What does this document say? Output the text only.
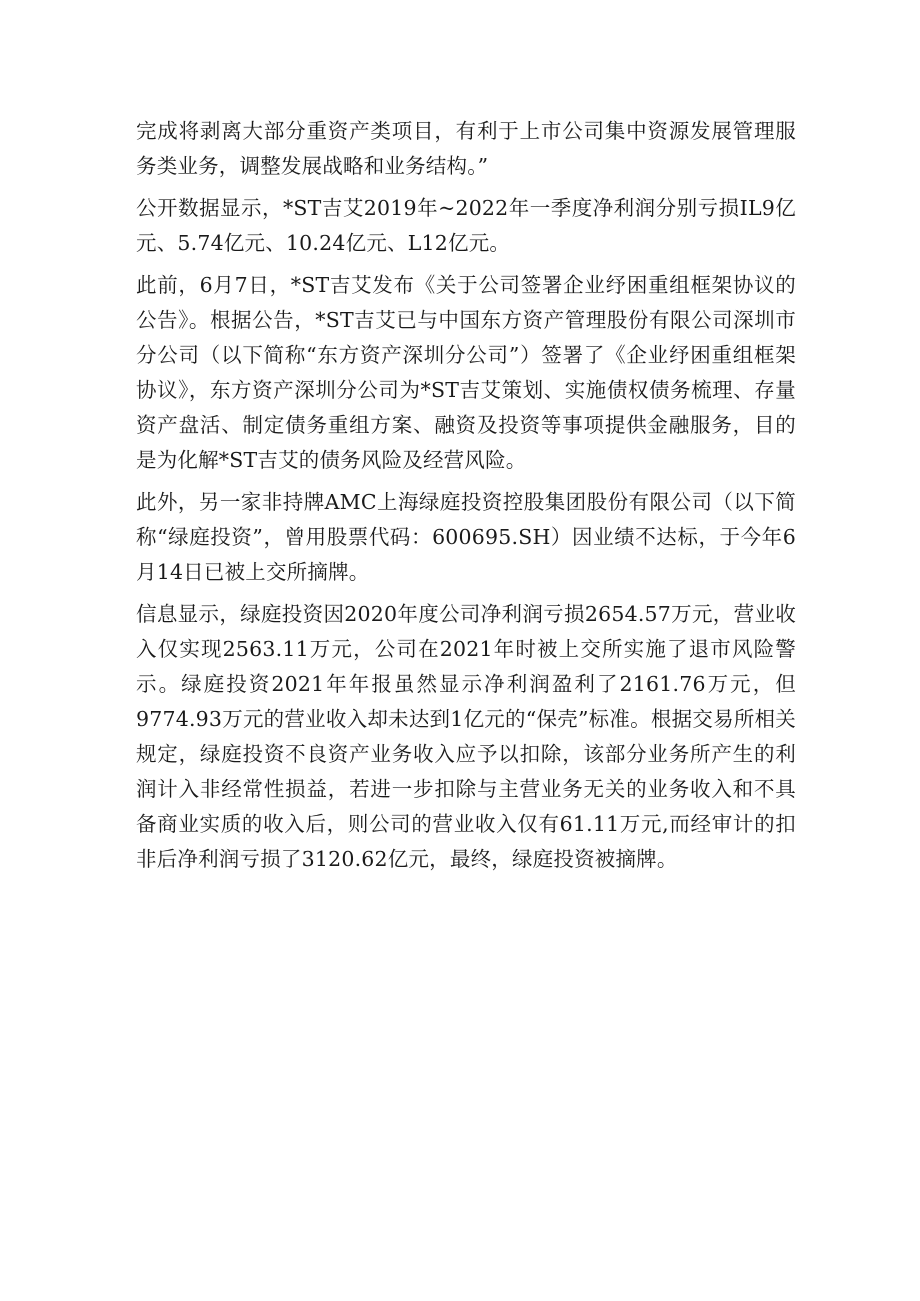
完成将剥离大部分重资产类项目，有利于上市公司集中资源发展管理服务类业务，调整发展战略和业务结构。”

公开数据显示，*ST吉艾2019年~2022年一季度净利润分别亏损IL9亿元、5.74亿元、10.24亿元、L12亿元。

此前，6月7日，*ST吉艾发布《关于公司签署企业纾困重组框架协议的公告》。根据公告，*ST吉艾已与中国东方资产管理股份有限公司深圳市分公司（以下简称“东方资产深圳分公司”）签署了《企业纾困重组框架协议》，东方资产深圳分公司为*ST吉艾策划、实施债权债务梳理、存量资产盘活、制定债务重组方案、融资及投资等事项提供金融服务，目的是为化解*ST吉艾的债务风险及经营风险。

此外，另一家非持牌AMC上海绿庭投资控股集团股份有限公司（以下简称“绿庭投资”，曾用股票代码：600695.SH）因业绩不达标，于今年6月14日已被上交所摘牌。

信息显示，绿庭投资因2020年度公司净利润亏损2654.57万元，营业收入仅实现2563.11万元，公司在2021年时被上交所实施了退市风险警示。绿庭投资2021年年报虽然显示净利润盈利了2161.76万元，但9774.93万元的营业收入却未达到1亿元的“保壳”标准。根据交易所相关规定，绿庭投资不良资产业务收入应予以扣除，该部分业务所产生的利润计入非经常性损益，若进一步扣除与主营业务无关的业务收入和不具备商业实质的收入后，则公司的营业收入仅有61.11万元,而经审计的扣非后净利润亏损了3120.62亿元，最终，绿庭投资被摘牌。
